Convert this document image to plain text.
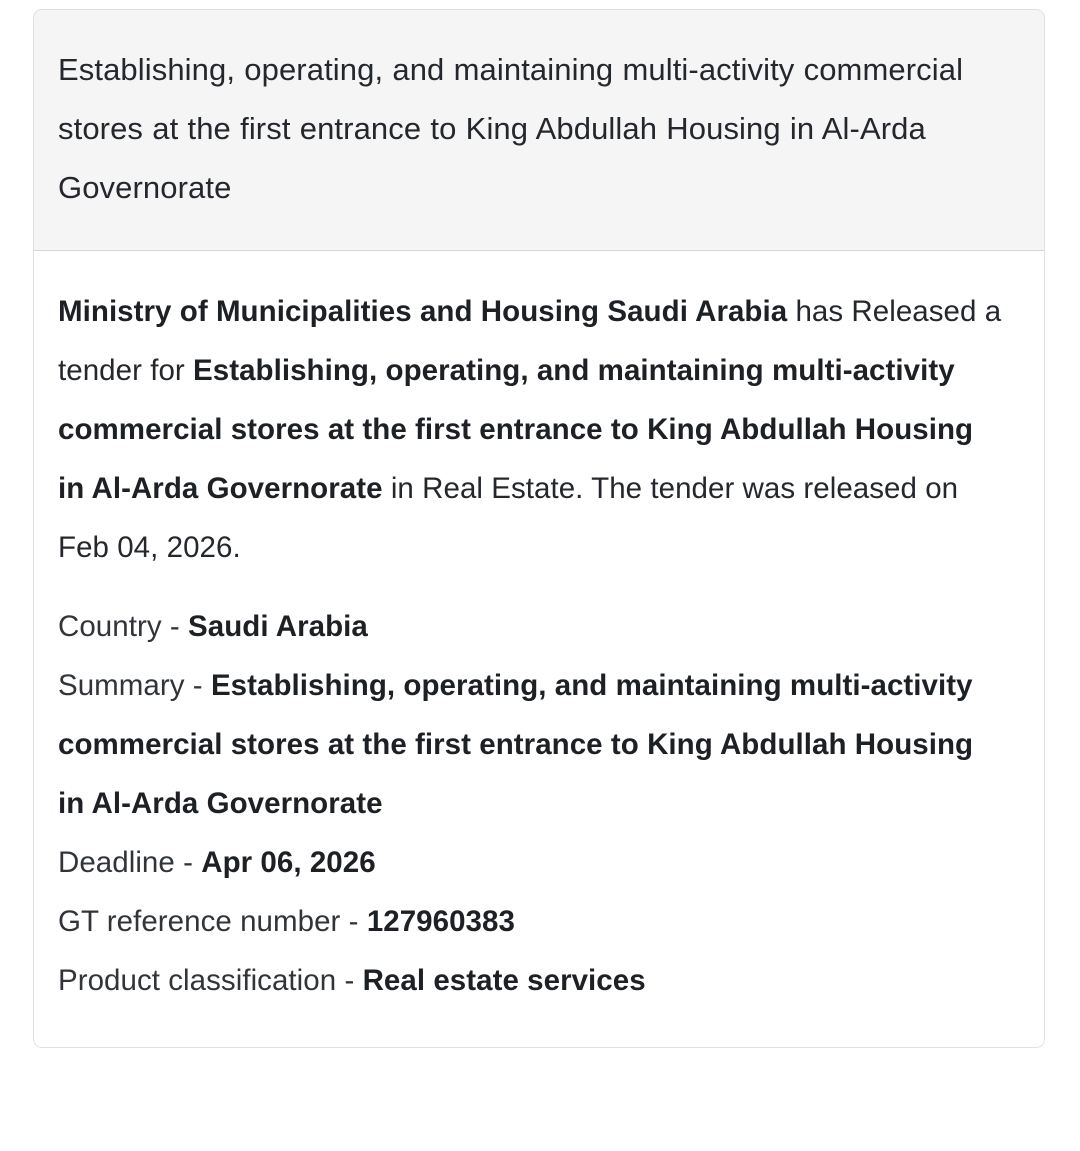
Establishing, operating, and maintaining multi-activity commercial stores at the first entrance to King Abdullah Housing in Al-Arda Governorate

Ministry of Municipalities and Housing Saudi Arabia has Released a tender for Establishing, operating, and maintaining multi-activity commercial stores at the first entrance to King Abdullah Housing in Al-Arda Governorate in Real Estate. The tender was released on Feb 04, 2026.

Country - Saudi Arabia
Summary - Establishing, operating, and maintaining multi-activity commercial stores at the first entrance to King Abdullah Housing in Al-Arda Governorate
Deadline - Apr 06, 2026
GT reference number - 127960383
Product classification - Real estate services
